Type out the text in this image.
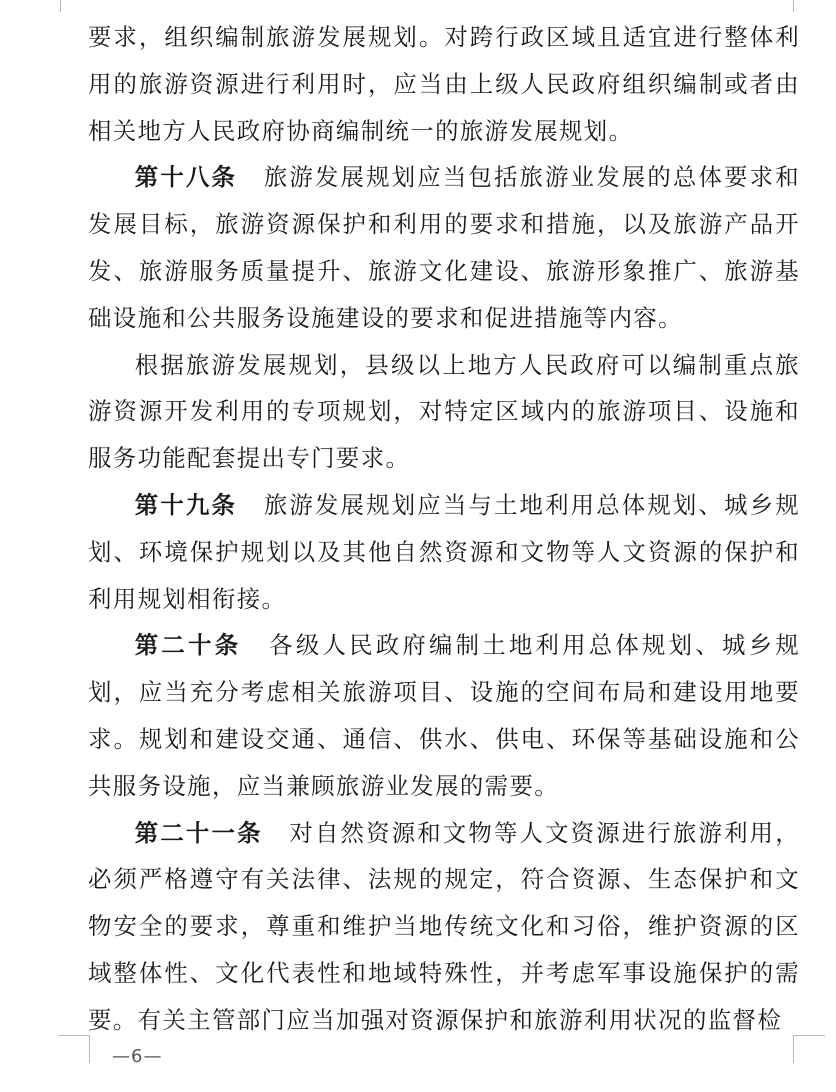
要求，组织编制旅游发展规划。对跨行政区域且适宜进行整体利用的旅游资源进行利用时，应当由上级人民政府组织编制或者由相关地方人民政府协商编制统一的旅游发展规划。

第十八条 旅游发展规划应当包括旅游业发展的总体要求和发展目标，旅游资源保护和利用的要求和措施，以及旅游产品开发、旅游服务质量提升、旅游文化建设、旅游形象推广、旅游基础设施和公共服务设施建设的要求和促进措施等内容。

根据旅游发展规划，县级以上地方人民政府可以编制重点旅游资源开发利用的专项规划，对特定区域内的旅游项目、设施和服务功能配套提出专门要求。

第十九条 旅游发展规划应当与土地利用总体规划、城乡规划、环境保护规划以及其他自然资源和文物等人文资源的保护和利用规划相衔接。

第二十条 各级人民政府编制土地利用总体规划、城乡规划，应当充分考虑相关旅游项目、设施的空间布局和建设用地要求。规划和建设交通、通信、供水、供电、环保等基础设施和公共服务设施，应当兼顾旅游业发展的需要。

第二十一条 对自然资源和文物等人文资源进行旅游利用，必须严格遵守有关法律、法规的规定，符合资源、生态保护和文物安全的要求，尊重和维护当地传统文化和习俗，维护资源的区域整体性、文化代表性和地域特殊性，并考虑军事设施保护的需要。有关主管部门应当加强对资源保护和旅游利用状况的监督检

—6—
